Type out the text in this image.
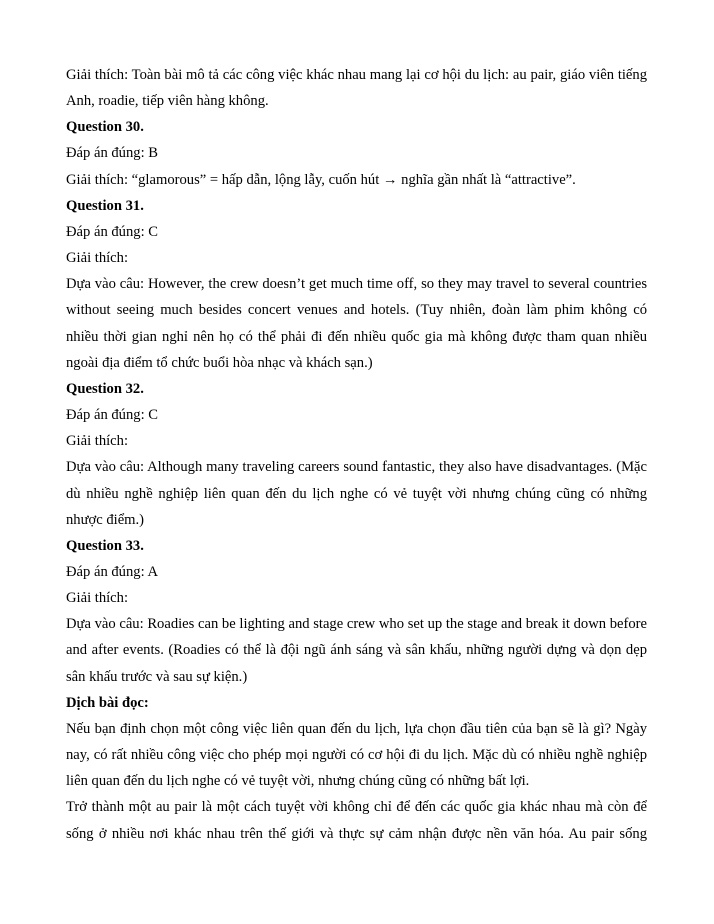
Giải thích: Toàn bài mô tả các công việc khác nhau mang lại cơ hội du lịch: au pair, giáo viên tiếng Anh, roadie, tiếp viên hàng không.

Question 30.

Đáp án đúng: B

Giải thích: “glamorous” = hấp dẫn, lộng lẫy, cuốn hút → nghĩa gần nhất là “attractive”.

Question 31.

Đáp án đúng: C

Giải thích:

Dựa vào câu: However, the crew doesn’t get much time off, so they may travel to several countries without seeing much besides concert venues and hotels. (Tuy nhiên, đoàn làm phim không có nhiều thời gian nghỉ nên họ có thể phải đi đến nhiều quốc gia mà không được tham quan nhiều ngoài địa điểm tổ chức buổi hòa nhạc và khách sạn.)

Question 32.

Đáp án đúng: C

Giải thích:

Dựa vào câu: Although many traveling careers sound fantastic, they also have disadvantages. (Mặc dù nhiều nghề nghiệp liên quan đến du lịch nghe có vẻ tuyệt vời nhưng chúng cũng có những nhược điểm.)

Question 33.

Đáp án đúng: A

Giải thích:

Dựa vào câu: Roadies can be lighting and stage crew who set up the stage and break it down before and after events. (Roadies có thể là đội ngũ ánh sáng và sân khấu, những người dựng và dọn dẹp sân khấu trước và sau sự kiện.)

Dịch bài đọc:

Nếu bạn định chọn một công việc liên quan đến du lịch, lựa chọn đầu tiên của bạn sẽ là gì? Ngày nay, có rất nhiều công việc cho phép mọi người có cơ hội đi du lịch. Mặc dù có nhiều nghề nghiệp liên quan đến du lịch nghe có vẻ tuyệt vời, nhưng chúng cũng có những bất lợi.

Trở thành một au pair là một cách tuyệt vời không chỉ để đến các quốc gia khác nhau mà còn để sống ở nhiều nơi khác nhau trên thế giới và thực sự cảm nhận được nền văn hóa. Au pair sống
